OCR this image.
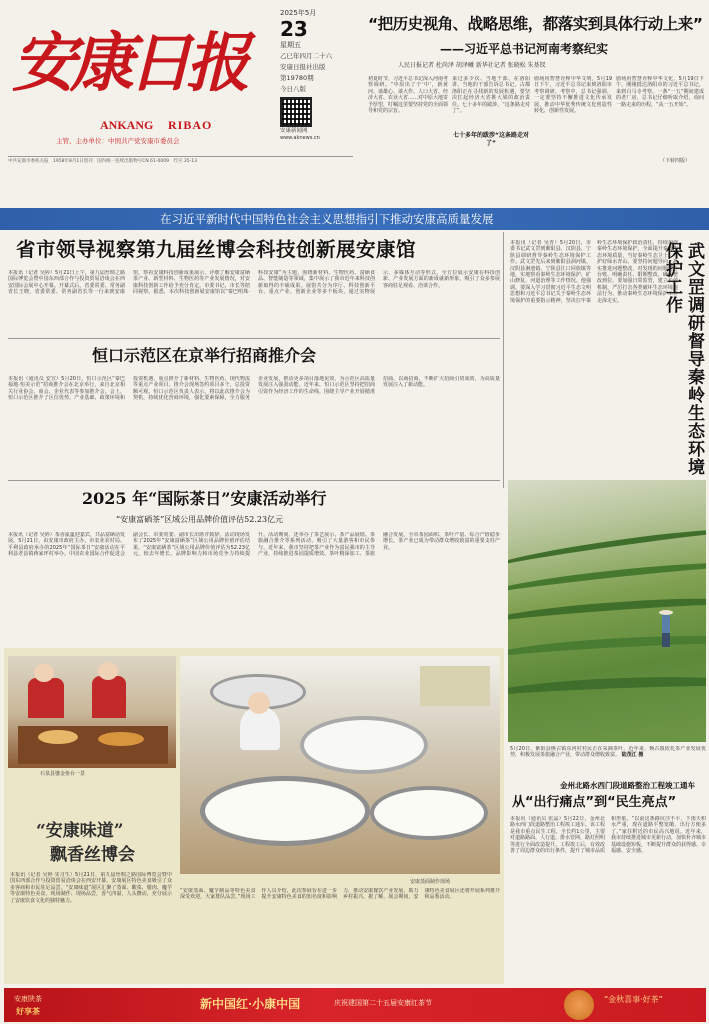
安康日报
ANKANG RIBAO
主管、主办单位：中国共产党安康市委员会
2025年5月
23
星期五
乙巳年四月二十六
安康日报社出版
第19780期
今日八版
安康新闻网
www.aknews.cn
中共安康市委机关报　1958年8月1日创刊　 国内统一连续出版物号CN 61-0009　代号 35-13
“把历史视角、战略思维，都落实到具体行动上来”
——习近平总书记河南考察纪实
人民日报记者 杜尚泽 胡泽曦 新华社记者 张晓松 朱基钗
初夏时节，习近平总书记深入河南考察调研。“中原出了个‘中’，新黄河、谈雄心、谈大作、人口大省、经济大省、农业大省……对中原大地寄予厚望，叮嘱这里要坚持党的全面领导和党的宗旨。
来过多少次、当地干部、在洛阳讲、当地的干部告诉总书记，古都洛阳正在寻找新的发展机遇，要坚决扛起经济大省挑大梁的政治责任。七十多年的跋涉，“这条路走对了”。
七十多年的跋涉“这条路走对了”
剧场用智慧诠释中华文明，5月19日下午，习近平总书记来到洛阳市考察调研。考察中，总书记强调，一定要坚持不懈推进文化传承发展，推动中华优秀传统文化创造性转化、创新性发展。
剧场用智慧诠释中华文化，5月19日下午，刚刚抵达洛阳市的习近平总书记，来到白马寺考察。一条“一五”期间建成的老厂房，总书记仔细听取介绍，询问一路走来的历程，“从一五开始”。
（下转四版）
在习近平新时代中国特色社会主义思想指引下推动安康高质量发展
省市领导视察第九届丝博会科技创新展安康馆
本报讯（记者 吴婷）5月21日上午，第九届丝绸之路国际博览会暨中国东西部合作与投资贸易洽谈会在西安国际会展中心开幕。开幕式后，省委常委、常务副省长王晓，省委常委、常务副省长等一行来到安康馆，察看安康科技创新成果展示，详细了解安康富硒茶产业、新型材料、生物医药等产业发展情况，对安康科技创新工作给予充分肯定。市委书记、市长等陪同视察。据悉，本次科技创新展安康馆以“秦巴明珠·科技安康”为主题，围绕新材料、生物医药、富硒食品、智能制造等领域，集中展示了我市近年来科技创新取得的丰硕成果。展馆共分为序厅、科技创新平台、重点产业、创新企业等多个板块，通过实物展示、多媒体互动等形式，全方位展示安康在科技创新、产业发展方面的新成就新形象，吸引了众多参展客商驻足观看、洽谈合作。
恒口示范区在京举行招商推介会
本报讯（通讯员 安宣）5月20日，恒口示范区“秦巴福地·恒美示范”招商推介会在北京举行，来自北京相关行业协会、商会、企业代表等参加推介会。会上，恒口示范区推介了区位优势、产业基础、政策环境和投资机遇，重点推介了新材料、生物医药、现代物流等重点产业项目。推介会现场签约项目多个，总投资额可观。恒口示范区负责人表示，将以此次推介会为契机，持续优化营商环境，强化要素保障，全力服务企业发展，推动更多项目落地见效，为示范区高质量发展注入强劲动能。近年来，恒口示范区坚持把招商引资作为经济工作的生命线，围绕主导产业开展精准招商、以商招商，不断扩大招商引资成效，为高质量发展注入了新动能。
本报讯（记者 吴青）5月20日，市委书记武文罡到紫阳县、汉阴县、宁陕县调研督导秦岭生态环境保护工作。武文罡先后来到紫阳县洞河镇、汉阴县涧池镇、宁陕县江口回族镇等地，实地察看秦岭生态环境保护、矿山修复、河道治理等工作情况。他强调，要深入学习贯彻习近平生态文明思想和习近平总书记关于秦岭生态环境保护的重要指示精神，坚决扛牢秦岭生态环境保护政治责任，持续加强秦岭生态环境保护，全面提升秦岭生态环境质量，当好秦岭生态卫士，守护好绿水青山。要坚持问题导向，扎实推进问题整改，对发现的问题建立台账、明确责任、限期整改，确保整改到位。要加强日常监管，建立长效机制，严厉打击各类破坏生态环境违法行为，推动秦岭生态环境保护工作走深走实。	武文罡调研督导秦岭生态环境保护工作
2025 年“国际茶日”安康活动举行
“安康富硒茶”区域公用品牌价值评估52.23亿元
本报讯（记者 吴婷）茶香氤氲迎嘉宾，共品富硒话发展。5月21日，由安康市政府主办，市农业农村局、平利县政府承办的2025年“国际茶日”安康活动在平利县老县镇蒋家坪村举办。中国农业国际合作促进会副会长、市委常委、副市长出席并致辞。活动现场发布了2025年“安康富硒茶”区域公用品牌价值评估结果，“安康富硒茶”区域公用品牌价值评估为52.23亿元，较去年增长，品牌影响力和市场竞争力持续提升。活动期间，还举办了茶艺展示、茶产品展销、茶旅融合推介等系列活动，吸引了大量游客和市民参与。近年来，我市坚持把茶产业作为富民强市的主导产业，持续推进茶园提质增效、茶叶精深加工、茶旅融合发展，全市茶园面积、茶叶产量、综合产值稳步增长，茶产业已成为带动群众增收致富的重要支柱产业。
5月20日，紫阳县焕古镇东河村村民正在采摘茶叶。近年来，焕古镇依托茶产业发展优势，积极发展茶旅融合产业，带动群众增收致富。 陆茂江 摄
石泉县鎏金鱼台一景
安康蒸面制作现场
“安康味道”
飘香丝博会
本报讯（记者 吴婷 实习生）5月21日，第九届丝绸之路国际博览会暨中国东西部合作与投资贸易洽谈会在西安开幕。安康展区特色美食吸引了众多客商和市民驻足品尝。“安康味道”展区汇聚了蒸面、酸菜、腊肉、魔芋等安康特色美食，现场制作、现场品尝，香气四溢，人头攒动，充分展示了安康饮食文化的独特魅力。
“安康蒸面、魔芋制品等特色美食深受欢迎，大家排队品尝。”现场工作人员介绍，此次参展旨在进一步提升安康特色美食的知名度和影响力，推动安康餐饮产业发展，助力乡村振兴。据了解，展会期间，安康特色美食展区还将开展系列推介和品鉴活动。
金州北路水西门段道路整治工程竣工通车
从“出行痛点”到“民生亮点”
本报讯（通讯员 张晶）5月22日，金州北路水西门段道路整治工程竣工通车。该工程是我市重点民生工程，全长约1公里，主要对道路路面、人行道、排水管网、路灯照明等进行全面改造提升。工程竣工后，有效改善了周边群众的出行条件，提升了城市品质和形象。“以前这条路坑洼不平，下雨天积水严重，现在道路平整宽敞，出行方便多了。”家住附近的市民高兴地说。近年来，我市持续推进城市更新行动，加快补齐城市基础设施短板，不断提升群众的获得感、幸福感、安全感。
安康陕茶
好享茶	新中国红·小康中国	庆祝建国第二十五届安康红茶节	“金秋喜事·好茶”
